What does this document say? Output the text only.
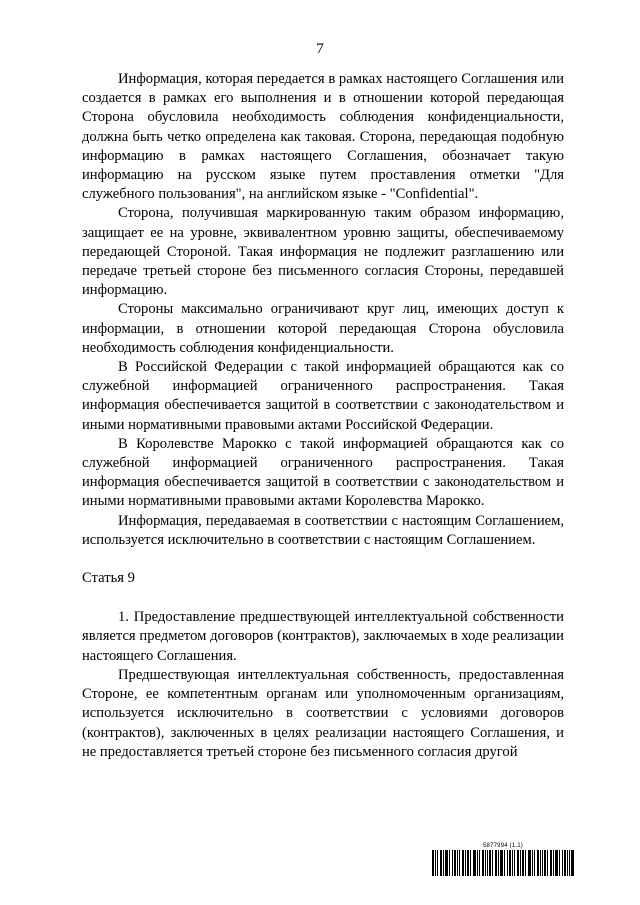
7

Информация, которая передается в рамках настоящего Соглашения или создается в рамках его выполнения и в отношении которой передающая Сторона обусловила необходимость соблюдения конфиденциальности, должна быть четко определена как таковая. Сторона, передающая подобную информацию в рамках настоящего Соглашения, обозначает такую информацию на русском языке путем проставления отметки "Для служебного пользования", на английском языке - "Confidential".

Сторона, получившая маркированную таким образом информацию, защищает ее на уровне, эквивалентном уровню защиты, обеспечиваемому передающей Стороной. Такая информация не подлежит разглашению или передаче третьей стороне без письменного согласия Стороны, передавшей информацию.

Стороны максимально ограничивают круг лиц, имеющих доступ к информации, в отношении которой передающая Сторона обусловила необходимость соблюдения конфиденциальности.

В Российской Федерации с такой информацией обращаются как со служебной информацией ограниченного распространения. Такая информация обеспечивается защитой в соответствии с законодательством и иными нормативными правовыми актами Российской Федерации.

В Королевстве Марокко с такой информацией обращаются как со служебной информацией ограниченного распространения. Такая информация обеспечивается защитой в соответствии с законодательством и иными нормативными правовыми актами Королевства Марокко.

Информация, передаваемая в соответствии с настоящим Соглашением, используется исключительно в соответствии с настоящим Соглашением.

Статья 9

1. Предоставление предшествующей интеллектуальной собственности является предметом договоров (контрактов), заключаемых в ходе реализации настоящего Соглашения.

Предшествующая интеллектуальная собственность, предоставленная Стороне, ее компетентным органам или уполномоченным организациям, используется исключительно в соответствии с условиями договоров (контрактов), заключенных в целях реализации настоящего Соглашения, и не предоставляется третьей стороне без письменного согласия другой

5877994 (1.1)
